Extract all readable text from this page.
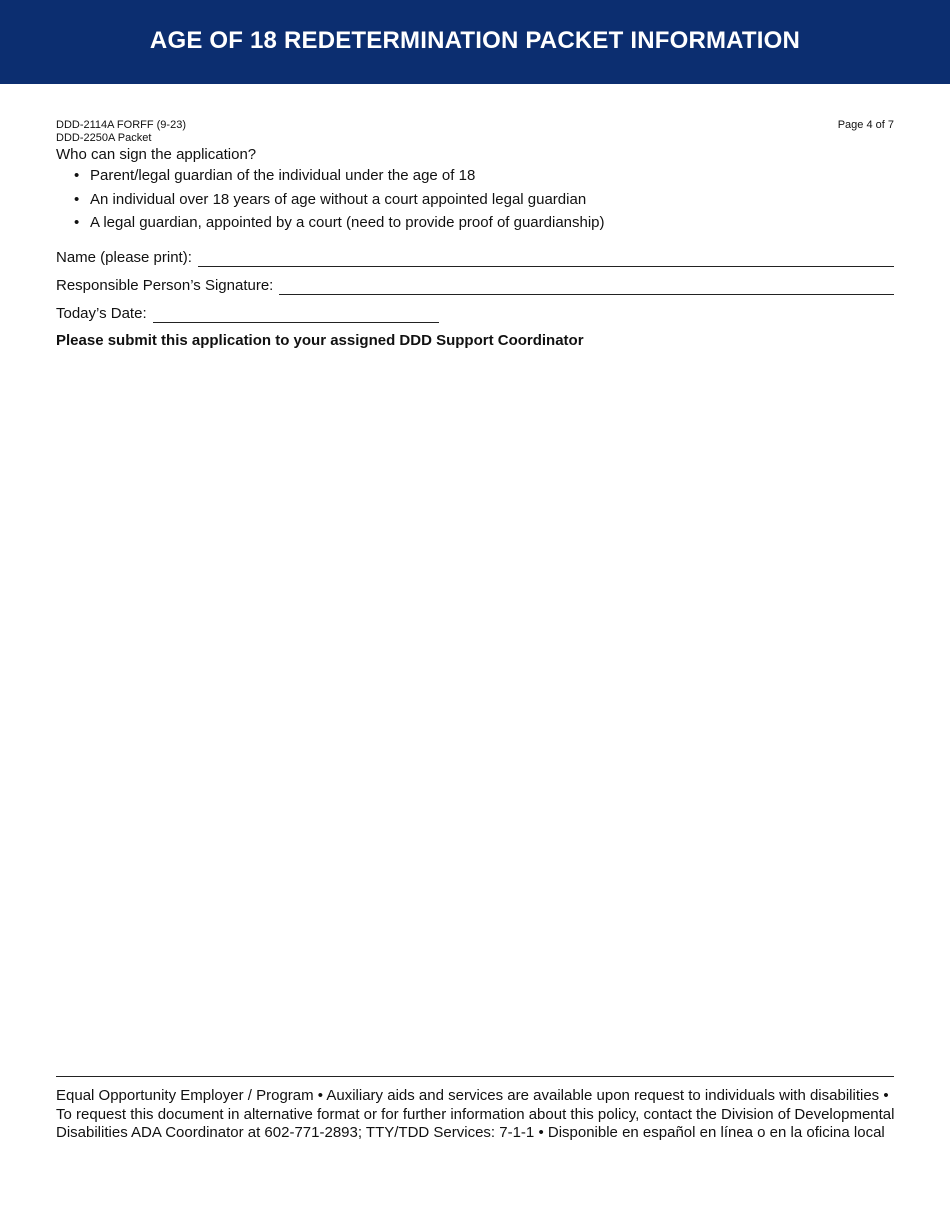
AGE OF 18 REDETERMINATION PACKET INFORMATION
DDD-2114A FORFF (9-23)
DDD-2250A Packet
Page 4 of 7
Who can sign the application?
• Parent/legal guardian of the individual under the age of 18
• An individual over 18 years of age without a court appointed legal guardian
• A legal guardian, appointed by a court (need to provide proof of guardianship)
Name (please print):
Responsible Person’s Signature:
Today’s Date:
Please submit this application to your assigned DDD Support Coordinator
Equal Opportunity Employer / Program • Auxiliary aids and services are available upon request to individuals with disabilities • To request this document in alternative format or for further information about this policy, contact the Division of Developmental Disabilities ADA Coordinator at 602-771-2893; TTY/TDD Services: 7-1-1 • Disponible en español en línea o en la oficina local
